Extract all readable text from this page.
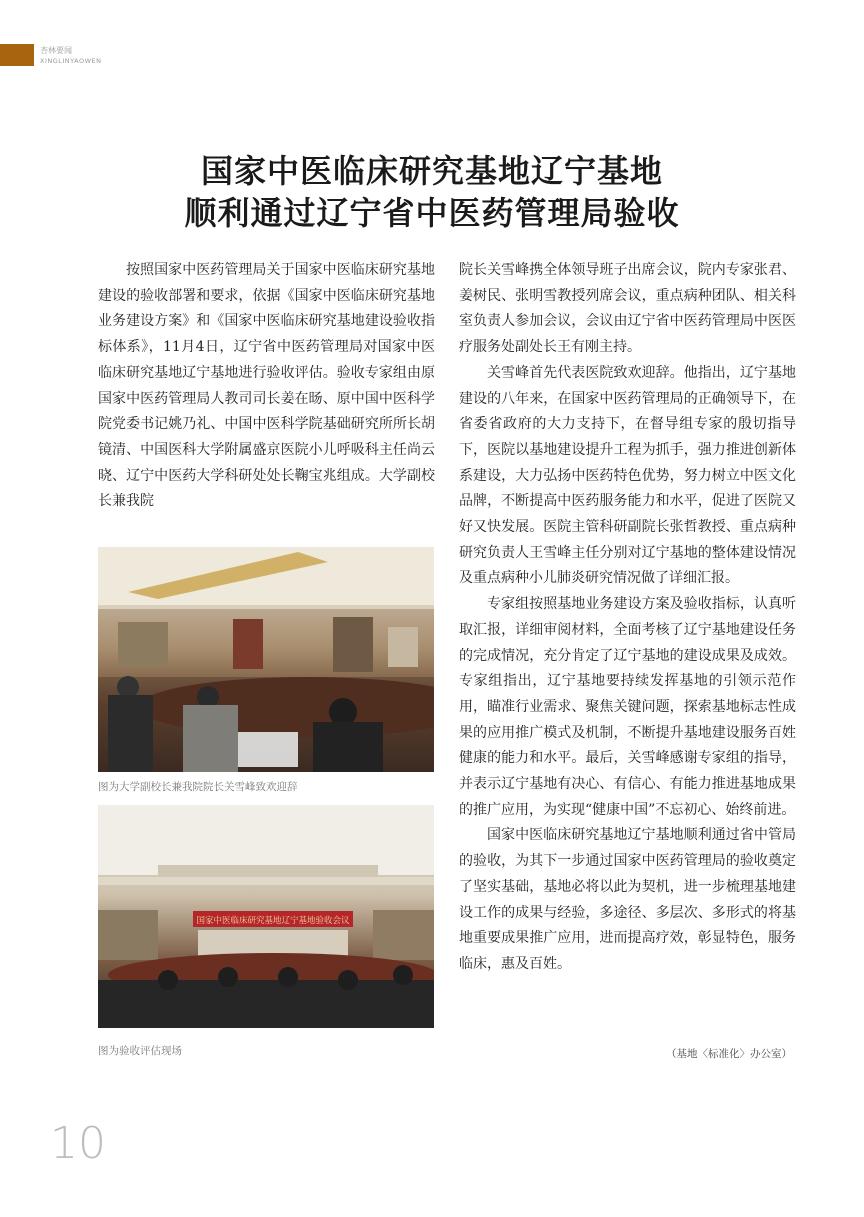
杏林要闻
XINGLINYAOWEN
国家中医临床研究基地辽宁基地
顺利通过辽宁省中医药管理局验收

按照国家中医药管理局关于国家中医临床研究基地建设的验收部署和要求，依据《国家中医临床研究基地业务建设方案》和《国家中医临床研究基地建设验收指标体系》，11月4日，辽宁省中医药管理局对国家中医临床研究基地辽宁基地进行验收评估。验收专家组由原国家中医药管理局人教司司长姜在旸、原中国中医科学院党委书记姚乃礼、中国中医科学院基础研究所所长胡镜清、中国医科大学附属盛京医院小儿呼吸科主任尚云晓、辽宁中医药大学科研处处长鞠宝兆组成。大学副校长兼我院

图为大学副校长兼我院院长关雪峰致欢迎辞
国家中医临床研究基地辽宁基地验收会议
图为验收评估现场

院长关雪峰携全体领导班子出席会议，院内专家张君、姜树民、张明雪教授列席会议，重点病种团队、相关科室负责人参加会议，会议由辽宁省中医药管理局中医医疗服务处副处长王有刚主持。

关雪峰首先代表医院致欢迎辞。他指出，辽宁基地建设的八年来，在国家中医药管理局的正确领导下，在省委省政府的大力支持下，在督导组专家的殷切指导下，医院以基地建设提升工程为抓手，强力推进创新体系建设，大力弘扬中医药特色优势，努力树立中医文化品牌，不断提高中医药服务能力和水平，促进了医院又好又快发展。医院主管科研副院长张哲教授、重点病种研究负责人王雪峰主任分别对辽宁基地的整体建设情况及重点病种小儿肺炎研究情况做了详细汇报。

专家组按照基地业务建设方案及验收指标，认真听取汇报，详细审阅材料，全面考核了辽宁基地建设任务的完成情况，充分肯定了辽宁基地的建设成果及成效。专家组指出，辽宁基地要持续发挥基地的引领示范作用，瞄准行业需求、聚焦关键问题，探索基地标志性成果的应用推广模式及机制，不断提升基地建设服务百姓健康的能力和水平。最后，关雪峰感谢专家组的指导，并表示辽宁基地有决心、有信心、有能力推进基地成果的推广应用，为实现“健康中国”不忘初心、始终前进。

国家中医临床研究基地辽宁基地顺利通过省中管局的验收，为其下一步通过国家中医药管理局的验收奠定了坚实基础，基地必将以此为契机，进一步梳理基地建设工作的成果与经验，多途径、多层次、多形式的将基地重要成果推广应用，进而提高疗效，彰显特色，服务临床，惠及百姓。

（基地〈标准化〉办公室）
10
